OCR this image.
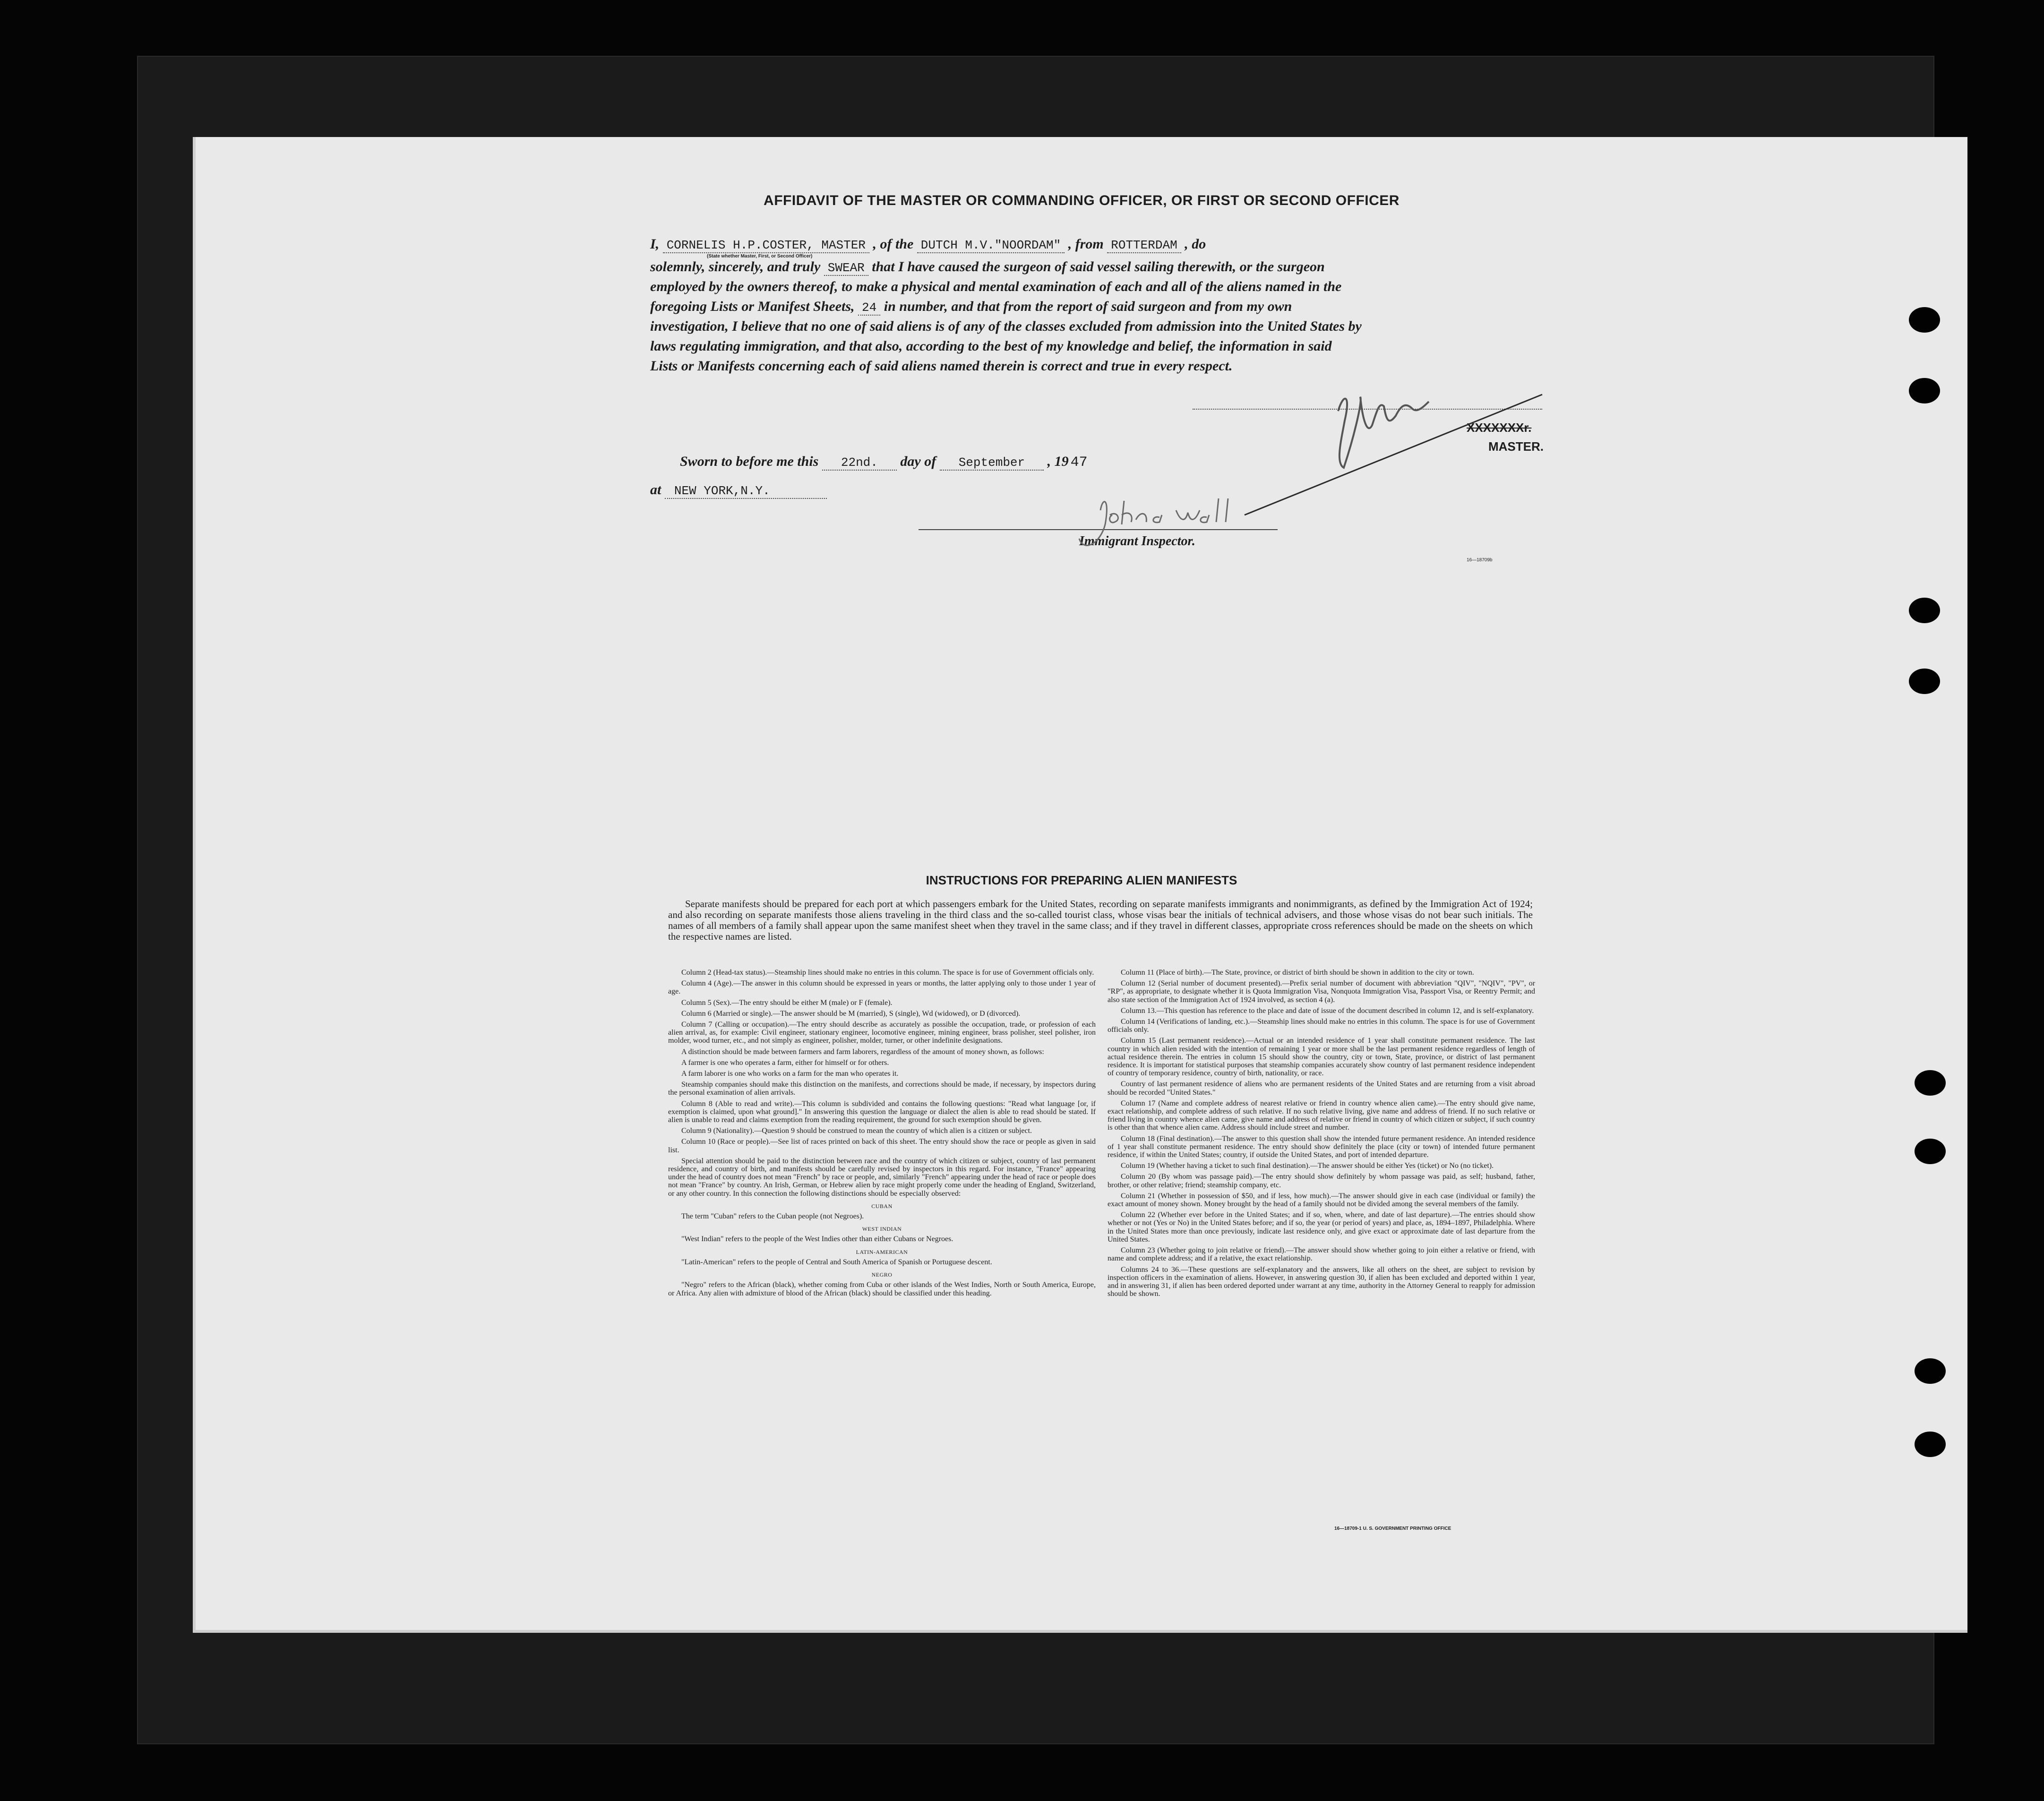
AFFIDAVIT OF THE MASTER OR COMMANDING OFFICER, OR FIRST OR SECOND OFFICER
I, CORNELIS H.P.COSTER, MASTER , of the DUTCH M.V."NOORDAM" , from ROTTERDAM , do
(State whether Master, First, or Second Officer)
solemnly, sincerely, and truly SWEAR that I have caused the surgeon of said vessel sailing therewith, or the surgeon
employed by the owners thereof, to make a physical and mental examination of each and all of the aliens named in the
foregoing Lists or Manifest Sheets, 24 in number, and that from the report of said surgeon and from my own
investigation, I believe that no one of said aliens is of any of the classes excluded from admission into the United States by
laws regulating immigration, and that also, according to the best of my knowledge and belief, the information in said
Lists or Manifests concerning each of said aliens named therein is correct and true in every respect.
XXXXXXXr.
MASTER.
Sworn to before me this 22nd. day of September , 19 47
at NEW YORK,N.Y.
Immigrant Inspector.
16—18709b
INSTRUCTIONS FOR PREPARING ALIEN MANIFESTS
Separate manifests should be prepared for each port at which passengers embark for the United States, recording on separate manifests immigrants and nonimmigrants, as defined by the Immigration Act of 1924; and also recording on separate manifests those aliens traveling in the third class and the so-called tourist class, whose visas bear the initials of technical advisers, and those whose visas do not bear such initials. The names of all members of a family shall appear upon the same manifest sheet when they travel in the same class; and if they travel in different classes, appropriate cross references should be made on the sheets on which the respective names are listed.

Column 2 (Head-tax status).—Steamship lines should make no entries in this column. The space is for use of Government officials only.

Column 4 (Age).—The answer in this column should be expressed in years or months, the latter applying only to those under 1 year of age.

Column 5 (Sex).—The entry should be either M (male) or F (female).

Column 6 (Married or single).—The answer should be M (married), S (single), Wd (widowed), or D (divorced).

Column 7 (Calling or occupation).—The entry should describe as accurately as possible the occupation, trade, or profession of each alien arrival, as, for example: Civil engineer, stationary engineer, locomotive engineer, mining engineer, brass polisher, steel polisher, iron molder, wood turner, etc., and not simply as engineer, polisher, molder, turner, or other indefinite designations.

A distinction should be made between farmers and farm laborers, regardless of the amount of money shown, as follows:

A farmer is one who operates a farm, either for himself or for others.

A farm laborer is one who works on a farm for the man who operates it.

Steamship companies should make this distinction on the manifests, and corrections should be made, if necessary, by inspectors during the personal examination of alien arrivals.

Column 8 (Able to read and write).—This column is subdivided and contains the following questions: "Read what language [or, if exemption is claimed, upon what ground]." In answering this question the language or dialect the alien is able to read should be stated. If alien is unable to read and claims exemption from the reading requirement, the ground for such exemption should be given.

Column 9 (Nationality).—Question 9 should be construed to mean the country of which alien is a citizen or subject.

Column 10 (Race or people).—See list of races printed on back of this sheet. The entry should show the race or people as given in said list.

Special attention should be paid to the distinction between race and the country of which citizen or subject, country of last permanent residence, and country of birth, and manifests should be carefully revised by inspectors in this regard. For instance, "France" appearing under the head of country does not mean "French" by race or people, and, similarly "French" appearing under the head of race or people does not mean "France" by country. An Irish, German, or Hebrew alien by race might properly come under the heading of England, Switzerland, or any other country. In this connection the following distinctions should be especially observed:

CUBAN

The term "Cuban" refers to the Cuban people (not Negroes).

WEST INDIAN

"West Indian" refers to the people of the West Indies other than either Cubans or Negroes.

LATIN-AMERICAN

"Latin-American" refers to the people of Central and South America of Spanish or Portuguese descent.

NEGRO

"Negro" refers to the African (black), whether coming from Cuba or other islands of the West Indies, North or South America, Europe, or Africa. Any alien with admixture of blood of the African (black) should be classified under this heading.

Column 11 (Place of birth).—The State, province, or district of birth should be shown in addition to the city or town.

Column 12 (Serial number of document presented).—Prefix serial number of document with abbreviation "QIV", "NQIV", "PV", or "RP", as appropriate, to designate whether it is Quota Immigration Visa, Nonquota Immigration Visa, Passport Visa, or Reentry Permit; and also state section of the Immigration Act of 1924 involved, as section 4 (a).

Column 13.—This question has reference to the place and date of issue of the document described in column 12, and is self-explanatory.

Column 14 (Verifications of landing, etc.).—Steamship lines should make no entries in this column. The space is for use of Government officials only.

Column 15 (Last permanent residence).—Actual or an intended residence of 1 year shall constitute permanent residence. The last country in which alien resided with the intention of remaining 1 year or more shall be the last permanent residence regardless of length of actual residence therein. The entries in column 15 should show the country, city or town, State, province, or district of last permanent residence. It is important for statistical purposes that steamship companies accurately show country of last permanent residence independent of country of temporary residence, country of birth, nationality, or race.

Country of last permanent residence of aliens who are permanent residents of the United States and are returning from a visit abroad should be recorded "United States."

Column 17 (Name and complete address of nearest relative or friend in country whence alien came).—The entry should give name, exact relationship, and complete address of such relative. If no such relative living, give name and address of friend. If no such relative or friend living in country whence alien came, give name and address of relative or friend in country of which citizen or subject, if such country is other than that whence alien came. Address should include street and number.

Column 18 (Final destination).—The answer to this question shall show the intended future permanent residence. An intended residence of 1 year shall constitute permanent residence. The entry should show definitely the place (city or town) of intended future permanent residence, if within the United States; country, if outside the United States, and port of intended departure.

Column 19 (Whether having a ticket to such final destination).—The answer should be either Yes (ticket) or No (no ticket).

Column 20 (By whom was passage paid).—The entry should show definitely by whom passage was paid, as self; husband, father, brother, or other relative; friend; steamship company, etc.

Column 21 (Whether in possession of $50, and if less, how much).—The answer should give in each case (individual or family) the exact amount of money shown. Money brought by the head of a family should not be divided among the several members of the family.

Column 22 (Whether ever before in the United States; and if so, when, where, and date of last departure).—The entries should show whether or not (Yes or No) in the United States before; and if so, the year (or period of years) and place, as, 1894–1897, Philadelphia. Where in the United States more than once previously, indicate last residence only, and give exact or approximate date of last departure from the United States.

Column 23 (Whether going to join relative or friend).—The answer should show whether going to join either a relative or friend, with name and complete address; and if a relative, the exact relationship.

Columns 24 to 36.—These questions are self-explanatory and the answers, like all others on the sheet, are subject to revision by inspection officers in the examination of aliens. However, in answering question 30, if alien has been excluded and deported within 1 year, and in answering 31, if alien has been ordered deported under warrant at any time, authority in the Attorney General to reapply for admission should be shown.

16—18709-1 U. S. GOVERNMENT PRINTING OFFICE
